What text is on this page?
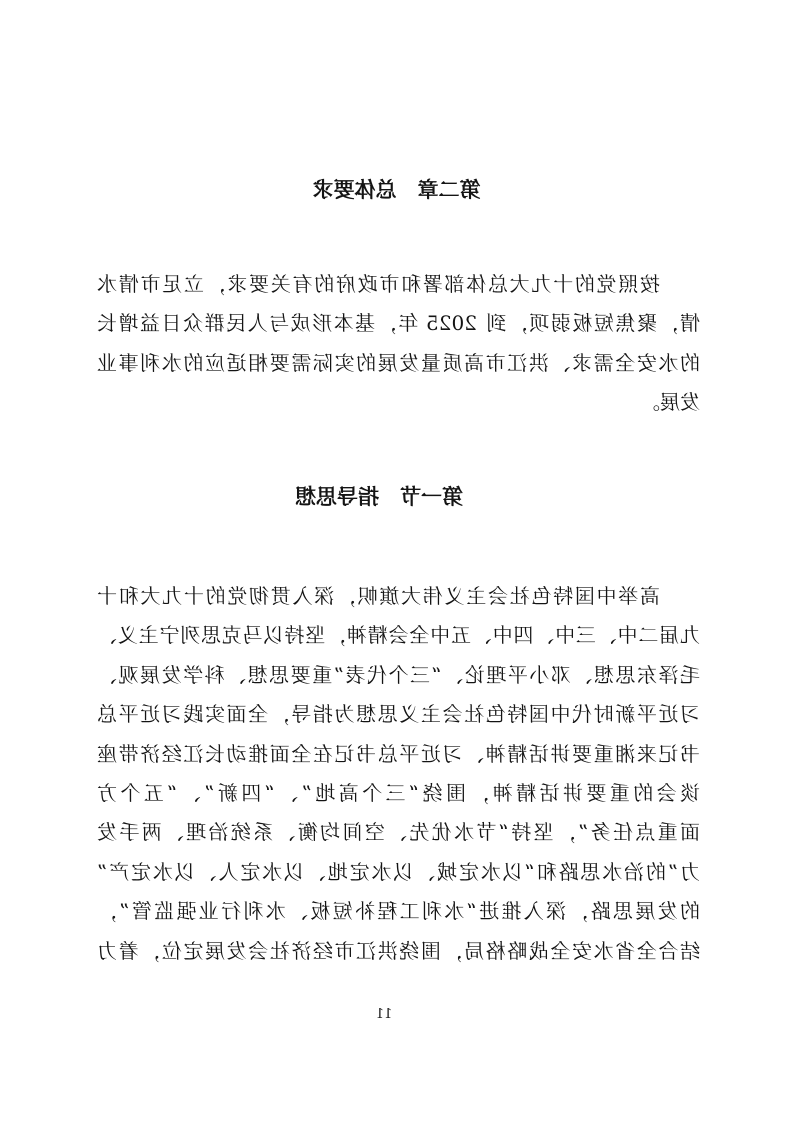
第二章　总体要求
按照党的十九大总体部署和市政府的有关要求，立足市情水
情，聚焦短板弱项，到 2025 年，基本形成与人民群众日益增长
的水安全需求、洪江市高质量发展的实际需要相适应的水利事业
发展。
第一节　指导思想
高举中国特色社会主义伟大旗帜，深入贯彻党的十九大和十
九届二中、三中、四中、五中全会精神，坚持以马克思列宁主义、
毛泽东思想、邓小平理论、“三个代表”重要思想、科学发展观、
习近平新时代中国特色社会主义思想为指导，全面实践习近平总
书记来湘重要讲话精神、习近平总书记在全面推动长江经济带座
谈会的重要讲话精神，围绕“三个高地”、“四新”、“五个方
面重点任务”，坚持“节水优先、空间均衡、系统治理、两手发
力”的治水思路和“以水定城、以水定地、以水定人、以水定产”
的发展思路，深入推进“水利工程补短板、水利行业强监管”，
结合全省水安全战略格局，围绕洪江市经济社会发展定位，着力
11
